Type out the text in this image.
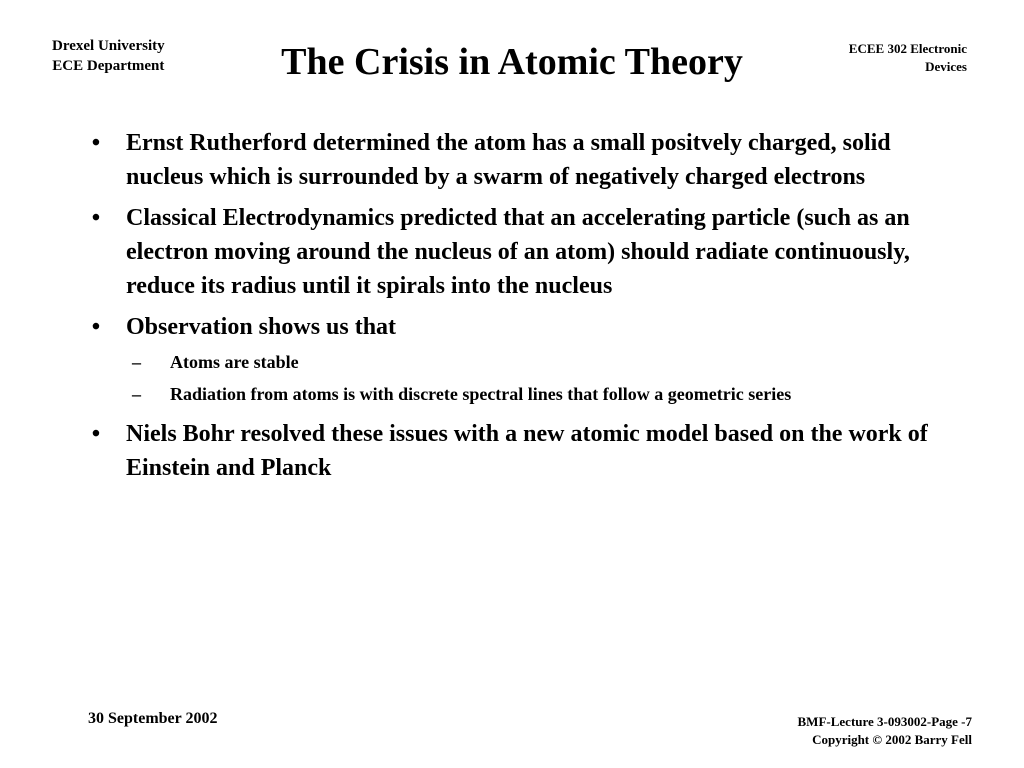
Drexel University
ECE Department	The Crisis in Atomic Theory	ECEE 302 Electronic
Devices
• Ernst Rutherford determined the atom has a small positvely charged, solid nucleus which is surrounded by a swarm of negatively charged electrons
• Classical Electrodynamics predicted that an accelerating particle (such as an electron moving around the nucleus of an atom) should radiate continuously, reduce its radius until it spirals into the nucleus
• Observation shows us that
– Atoms are stable
– Radiation from atoms is with discrete spectral lines that follow a geometric series
• Niels Bohr resolved these issues with a new atomic model based on the work of Einstein and Planck
30 September 2002	BMF-Lecture 3-093002-Page -7
Copyright © 2002 Barry Fell
